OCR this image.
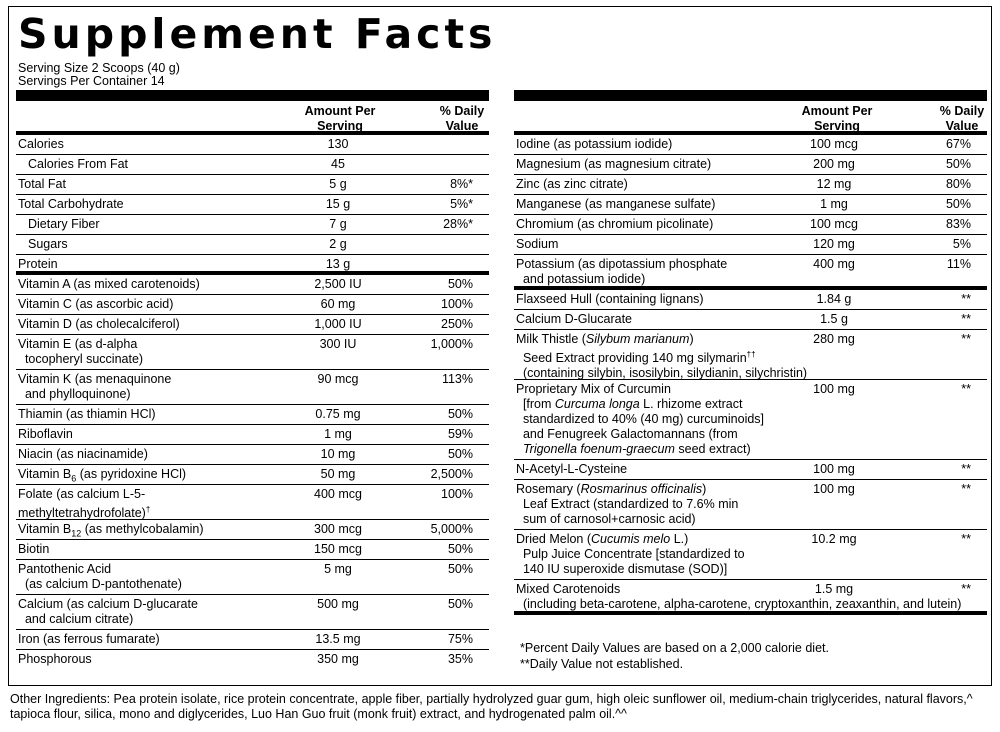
Supplement Facts
Serving Size 2 Scoops (40 g)
Servings Per Container 14
Amount Per Serving
% Daily Value
Calories	130
Calories From Fat	45
Total Fat	5 g	8%*
Total Carbohydrate	15 g	5%*
Dietary Fiber	7 g	28%*
Sugars	2 g
Protein	13 g
Vitamin A (as mixed carotenoids)	2,500 IU	50%
Vitamin C (as ascorbic acid)	60 mg	100%
Vitamin D (as cholecalciferol)	1,000 IU	250%
Vitamin E (as d-alpha
tocopheryl succinate)
300 IU	1,000%
Vitamin K (as menaquinone
and phylloquinone)
90 mcg	113%
Thiamin (as thiamin HCl)	0.75 mg	50%
Riboflavin	1 mg	59%
Niacin (as niacinamide)	10 mg	50%
Vitamin $B_6$ (as pyridoxine HCl)	50 mg	2,500%
Folate (as calcium L-5-
methyltetrahydrofolate)†
400 mcg	100%
Vitamin $B_{12}$ (as methylcobalamin)	300 mcg	5,000%
Biotin	150 mcg	50%
Pantothenic Acid
(as calcium D-pantothenate)
5 mg	50%
Calcium (as calcium D-glucarate
and calcium citrate)
500 mg	50%
Iron (as ferrous fumarate)	13.5 mg	75%
Phosphorous	350 mg	35%
Amount Per Serving
% Daily Value
Iodine (as potassium iodide)	100 mcg	67%
Magnesium (as magnesium citrate)	200 mg	50%
Zinc (as zinc citrate)	12 mg	80%
Manganese (as manganese sulfate)	1 mg	50%
Chromium (as chromium picolinate)	100 mcg	83%
Sodium	120 mg	5%
Potassium (as dipotassium phosphate
and potassium iodide)
400 mg	11%
Flaxseed Hull (containing lignans)	1.84 g	**
Calcium D-Glucarate	1.5 g	**
Milk Thistle (Silybum marianum)
Seed Extract providing 140 mg silymarin††
(containing silybin, isosilybin, silydianin, silychristin)
280 mg	**
Proprietary Mix of Curcumin
[from Curcuma longa L. rhizome extract
standardized to 40% (40 mg) curcuminoids]
and Fenugreek Galactomannans (from
Trigonella foenum-graecum seed extract)
100 mg	**
N-Acetyl-L-Cysteine	100 mg	**
Rosemary (Rosmarinus officinalis)
Leaf Extract (standardized to 7.6% min
sum of carnosol+carnosic acid)
100 mg	**
Dried Melon (Cucumis melo L.)
Pulp Juice Concentrate [standardized to
140 IU superoxide dismutase (SOD)]
10.2 mg	**
Mixed Carotenoids
(including beta-carotene, alpha-carotene, cryptoxanthin, zeaxanthin, and lutein)
1.5 mg	**
*Percent Daily Values are based on a 2,000 calorie diet.
**Daily Value not established.
Other Ingredients: Pea protein isolate, rice protein concentrate, apple fiber, partially hydrolyzed guar gum, high oleic sunflower oil, medium-chain triglycerides, natural flavors,^ tapioca flour, silica, mono and diglycerides, Luo Han Guo fruit (monk fruit) extract, and hydrogenated palm oil.^^
